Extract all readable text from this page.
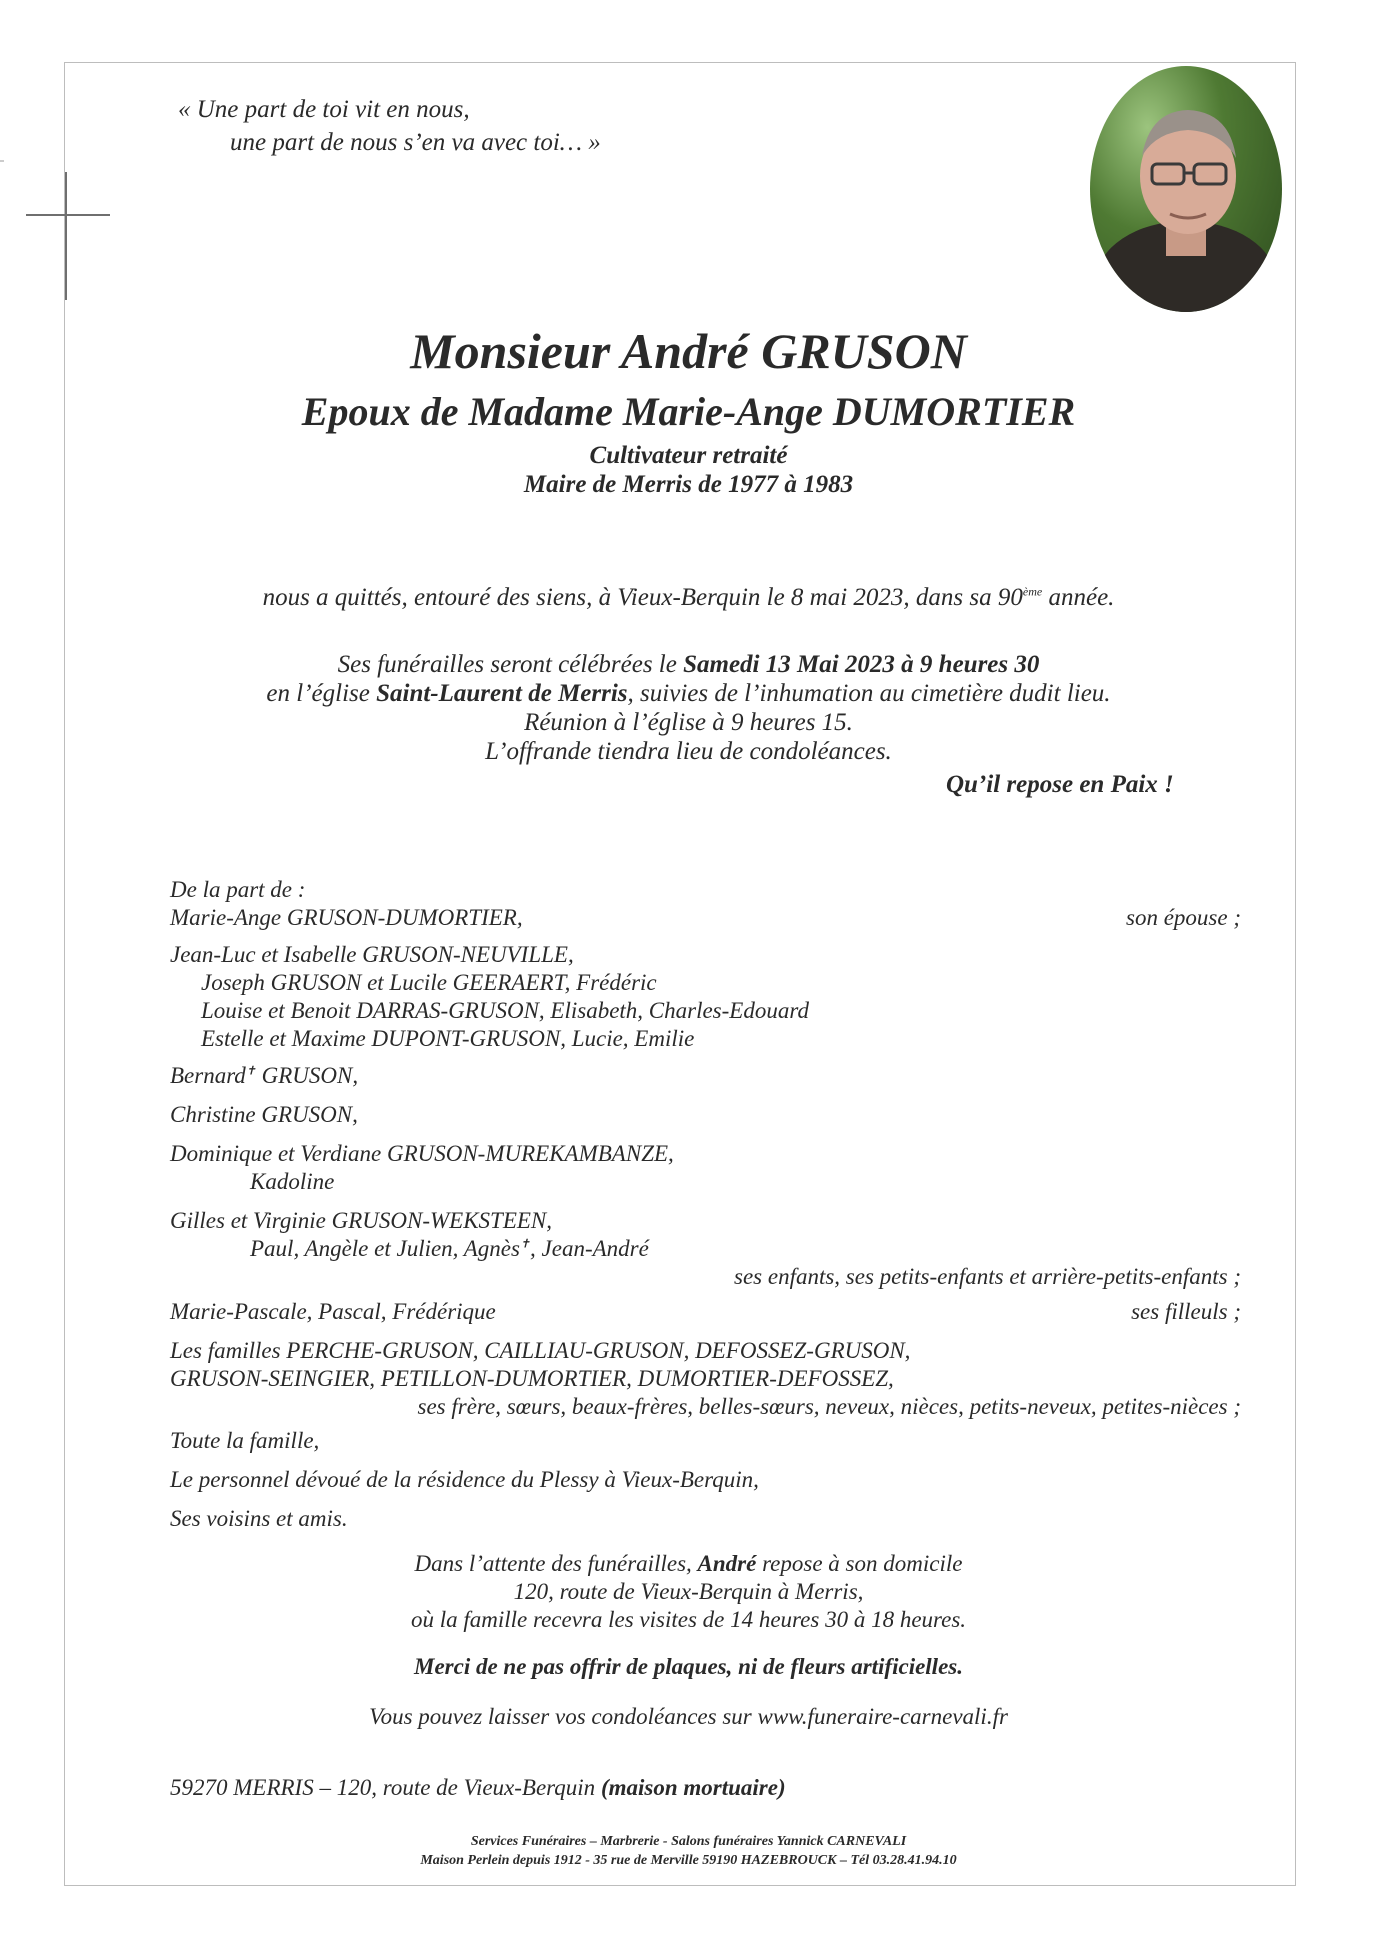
« Une part de toi vit en nous,
une part de nous s’en va avec toi… »
Monsieur André GRUSON
Epoux de Madame Marie-Ange DUMORTIER
Cultivateur retraité
Maire de Merris de 1977 à 1983
nous a quittés, entouré des siens, à Vieux-Berquin le 8 mai 2023, dans sa 90ème année.
Ses funérailles seront célébrées le Samedi 13 Mai 2023 à 9 heures 30
en l’église Saint-Laurent de Merris, suivies de l’inhumation au cimetière dudit lieu.
Réunion à l’église à 9 heures 15.
L’offrande tiendra lieu de condoléances.
Qu’il repose en Paix !
De la part de :
Marie-Ange GRUSON-DUMORTIER,	son épouse ;
Jean-Luc et Isabelle GRUSON-NEUVILLE,
Joseph GRUSON et Lucile GEERAERT, Frédéric
Louise et Benoit DARRAS-GRUSON, Elisabeth, Charles-Edouard
Estelle et Maxime DUPONT-GRUSON, Lucie, Emilie
Bernard✝ GRUSON,
Christine GRUSON,
Dominique et Verdiane GRUSON-MUREKAMBANZE,
Kadoline
Gilles et Virginie GRUSON-WEKSTEEN,
Paul, Angèle et Julien, Agnès✝, Jean-André
ses enfants, ses petits-enfants et arrière-petits-enfants ;
Marie-Pascale, Pascal, Frédérique	ses filleuls ;
Les familles PERCHE-GRUSON, CAILLIAU-GRUSON, DEFOSSEZ-GRUSON,
GRUSON-SEINGIER, PETILLON-DUMORTIER, DUMORTIER-DEFOSSEZ,
ses frère, sœurs, beaux-frères, belles-sœurs, neveux, nièces, petits-neveux, petites-nièces ;
Toute la famille,
Le personnel dévoué de la résidence du Plessy à Vieux-Berquin,
Ses voisins et amis.
Dans l’attente des funérailles, André repose à son domicile
120, route de Vieux-Berquin à Merris,
où la famille recevra les visites de 14 heures 30 à 18 heures.
Merci de ne pas offrir de plaques, ni de fleurs artificielles.
Vous pouvez laisser vos condoléances sur www.funeraire-carnevali.fr
59270 MERRIS – 120, route de Vieux-Berquin (maison mortuaire)
Services Funéraires – Marbrerie - Salons funéraires Yannick CARNEVALI
Maison Perlein depuis 1912 - 35 rue de Merville 59190 HAZEBROUCK – Tél 03.28.41.94.10
